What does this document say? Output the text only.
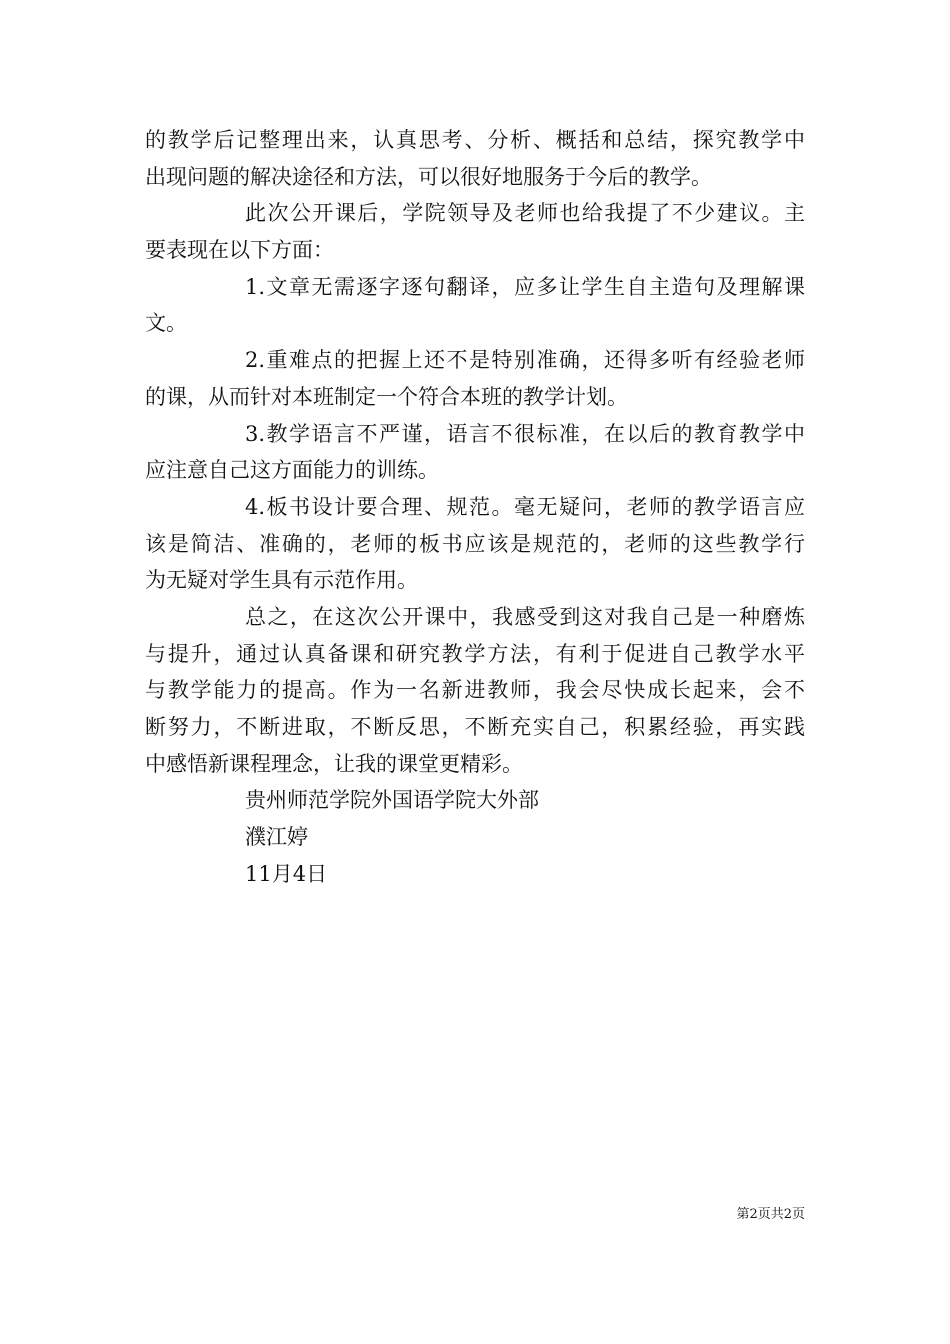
的教学后记整理出来，认真思考、分析、概括和总结，探究教学中
出现问题的解决途径和方法，可以很好地服务于今后的教学。
此次公开课后，学院领导及老师也给我提了不少建议。主
要表现在以下方面：
1.文章无需逐字逐句翻译，应多让学生自主造句及理解课
文。
2.重难点的把握上还不是特别准确，还得多听有经验老师
的课，从而针对本班制定一个符合本班的教学计划。
3.教学语言不严谨，语言不很标准，在以后的教育教学中
应注意自己这方面能力的训练。
4.板书设计要合理、规范。毫无疑问，老师的教学语言应
该是简洁、准确的，老师的板书应该是规范的，老师的这些教学行
为无疑对学生具有示范作用。
总之，在这次公开课中，我感受到这对我自己是一种磨炼
与提升，通过认真备课和研究教学方法，有利于促进自己教学水平
与教学能力的提高。作为一名新进教师，我会尽快成长起来，会不
断努力，不断进取，不断反思，不断充实自己，积累经验，再实践
中感悟新课程理念，让我的课堂更精彩。
贵州师范学院外国语学院大外部
濮江婷
11月4日
第2页共2页
